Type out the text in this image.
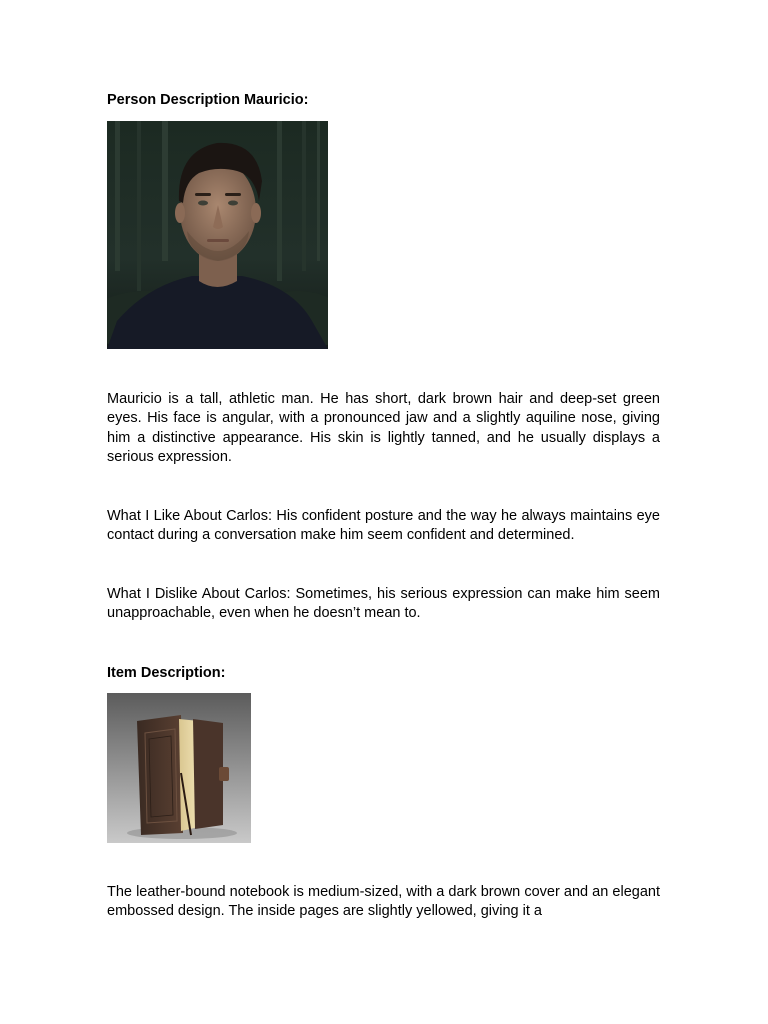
Person Description Mauricio:

Mauricio is a tall, athletic man. He has short, dark brown hair and deep-set green eyes. His face is angular, with a pronounced jaw and a slightly aquiline nose, giving him a distinctive appearance. His skin is lightly tanned, and he usually displays a serious expression.

What I Like About Carlos: His confident posture and the way he always maintains eye contact during a conversation make him seem confident and determined.

What I Dislike About Carlos: Sometimes, his serious expression can make him seem unapproachable, even when he doesn’t mean to.

Item Description:

The leather-bound notebook is medium-sized, with a dark brown cover and an elegant embossed design. The inside pages are slightly yellowed, giving it a
